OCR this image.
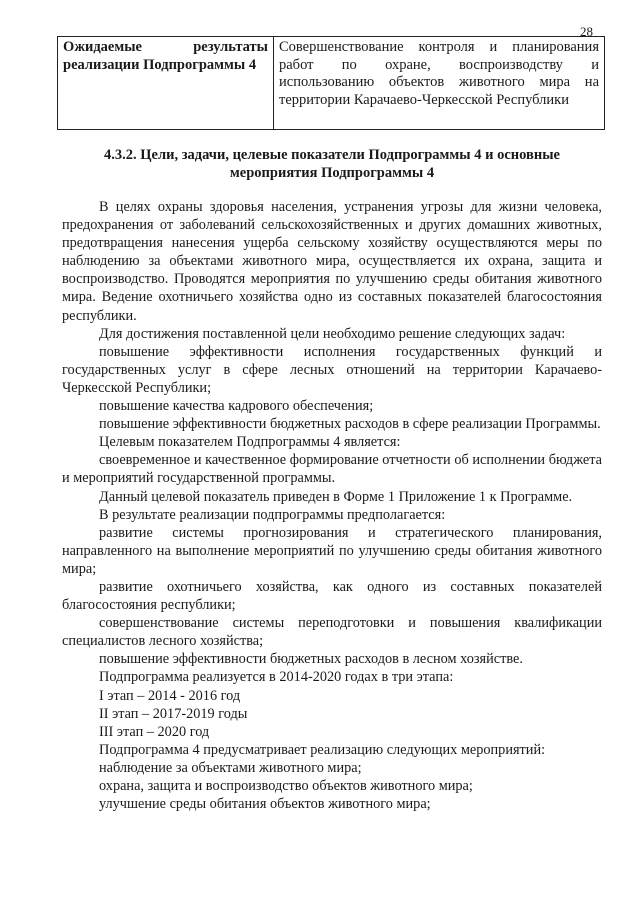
28
Ожидаемые результаты реализации Подпрограммы 4	Совершенствование контроля и планирования работ по охране, воспроизводству и использованию объектов животного мира на территории Карачаево-Черкесской Республики
4.3.2. Цели, задачи, целевые показатели Подпрограммы 4 и основные мероприятия Подпрограммы 4

В целях охраны здоровья населения, устранения угрозы для жизни человека, предохранения от заболеваний сельскохозяйственных и других домашних животных, предотвращения нанесения ущерба сельскому хозяйству осуществляются меры по наблюдению за объектами животного мира, осуществляется их охрана, защита и воспроизводство. Проводятся мероприятия по улучшению среды обитания животного мира. Ведение охотничьего хозяйства одно из составных показателей благосостояния республики.

Для достижения поставленной цели необходимо решение следующих задач:

повышение эффективности исполнения государственных функций и государственных услуг в сфере лесных отношений на территории Карачаево-Черкесской Республики;

повышение качества кадрового обеспечения;

повышение эффективности бюджетных расходов в сфере реализации Программы.

Целевым показателем Подпрограммы 4 является:

своевременное и качественное формирование отчетности об исполнении бюджета и мероприятий государственной программы.

Данный целевой показатель приведен в Форме 1 Приложение 1 к Программе.

В результате реализации подпрограммы предполагается:

развитие системы прогнозирования и стратегического планирования, направленного на выполнение мероприятий по улучшению среды обитания животного мира;

развитие охотничьего хозяйства, как одного из составных показателей благосостояния республики;

совершенствование системы переподготовки и повышения квалификации специалистов лесного хозяйства;

повышение эффективности бюджетных расходов в лесном хозяйстве.

Подпрограмма реализуется в 2014-2020 годах в три этапа:

I этап – 2014 - 2016 год

II этап – 2017-2019 годы

III этап – 2020 год

Подпрограмма 4 предусматривает реализацию следующих мероприятий:

наблюдение за объектами животного мира;

охрана, защита и воспроизводство объектов животного мира;

улучшение среды обитания объектов животного мира;
